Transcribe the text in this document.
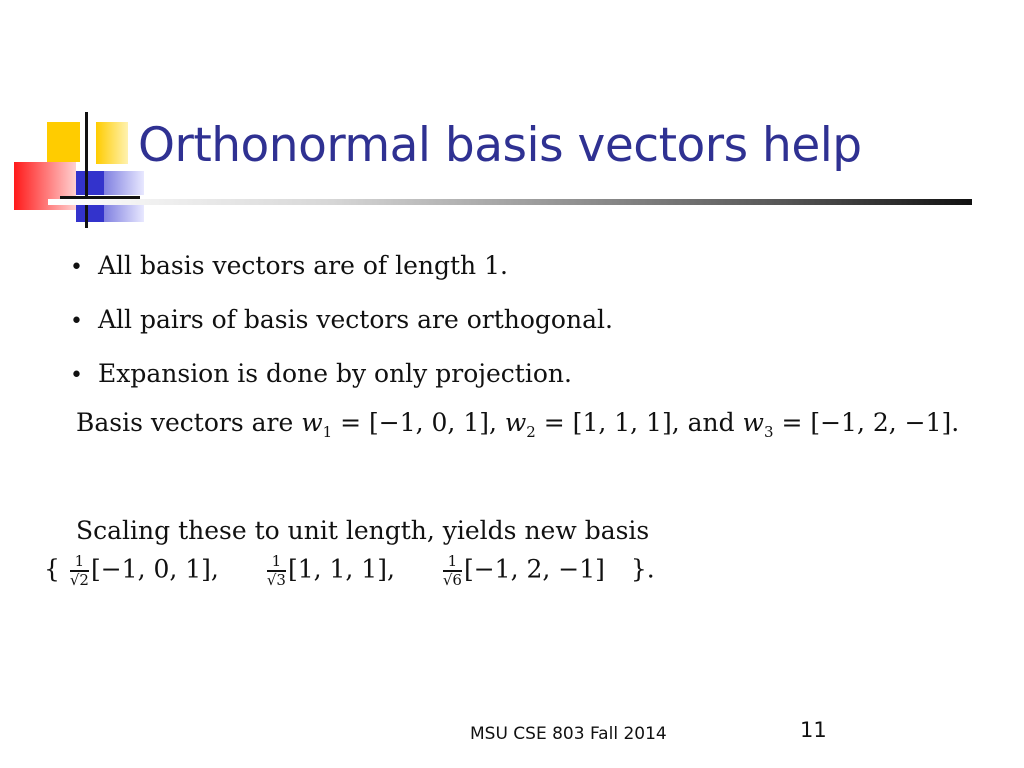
Orthonormal basis vectors help
• All basis vectors are of length 1.
• All pairs of basis vectors are orthogonal.
• Expansion is done by only projection.
Basis vectors are $w_1 = [-1$, 0, 1], $w_2 = [1$, 1, 1], and $w_3 = [-1$, 2, −1].
Scaling these to unit length, yields new basis
{ $\frac{1}{√2} [-1$, 0, 1],	$\frac{1}{√3} [1$, 1, 1],	$\frac{1}{√6} [-1$, 2, −1] }.
MSU CSE 803 Fall 2014	11
